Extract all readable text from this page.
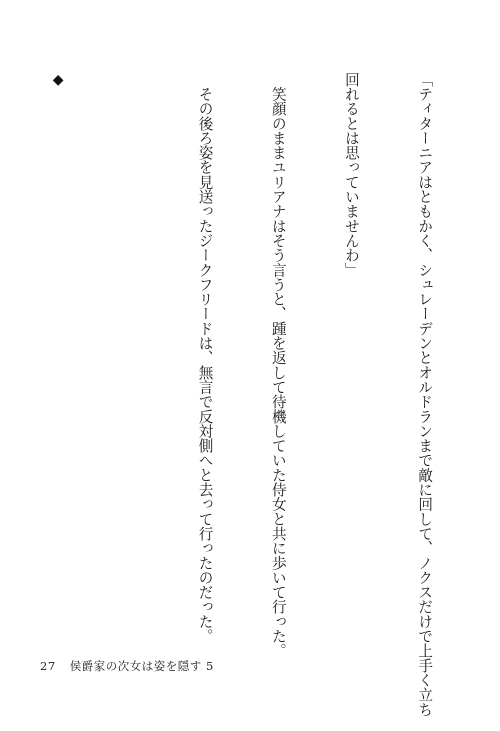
「ティターニアはともかく、シュレーデンとオルドランまで敵に回して、ノクスだけで上手く立ち

回れるとは思っていませんわ」

　笑顔のままユリアナはそう言うと、踵を返して待機していた侍女と共に歩いて行った。

　その後ろ姿を見送ったジークフリードは、無言で反対側へと去って行ったのだった。

◆

27 侯爵家の次女は姿を隠す 5
